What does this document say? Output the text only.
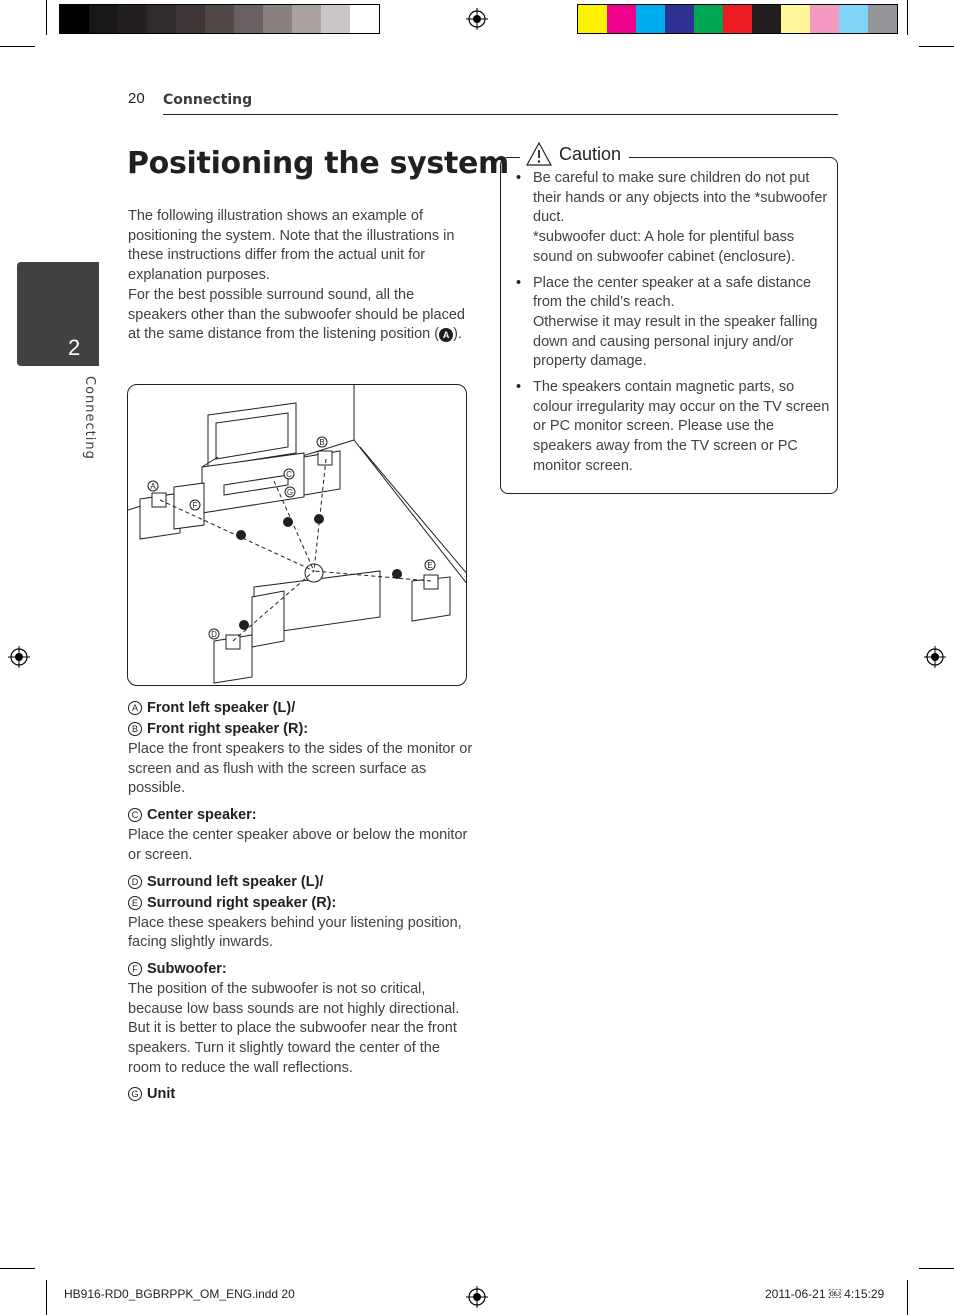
20 Connecting
2
Connecting
Positioning the system

The following illustration shows an example of positioning the system. Note that the illustrations in these instructions differ from the actual unit for explanation purposes.

For the best possible surround sound, all the speakers other than the subwoofer should be placed at the same distance from the listening position ( A ).

A
B
C
D
E
F
G
A Front left speaker (L)/
B Front right speaker (R):

Place the front speakers to the sides of the monitor or screen and as flush with the screen surface as possible.

C Center speaker:

Place the center speaker above or below the monitor or screen.

D Surround left speaker (L)/
E Surround right speaker (R):

Place these speakers behind your listening position, facing slightly inwards.

F Subwoofer:

The position of the subwoofer is not so critical, because low bass sounds are not highly directional. But it is better to place the subwoofer near the front speakers. Turn it slightly toward the center of the room to reduce the wall reflections.

G Unit

• Be careful to make sure children do not put their hands or any objects into the *subwoofer duct.

*subwoofer duct: A hole for plentiful bass sound on subwoofer cabinet (enclosure).

• Place the center speaker at a safe distance from the child’s reach.

Otherwise it may result in the speaker falling down and causing personal injury and/or property damage.

• The speakers contain magnetic parts, so colour irregularity may occur on the TV screen or PC monitor screen. Please use the speakers away from the TV screen or PC monitor screen.

Caution
HB916-RD0_BGBRPPK_OM_ENG.indd 20	2011-06-21 ￼ 4:15:29
